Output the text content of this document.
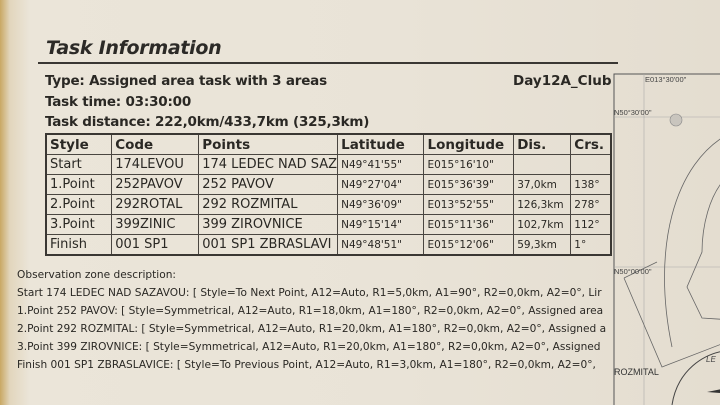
Task Information
Type: Assigned area task with 3 areas
Task time: 03:30:00
Task distance: 222,0km/433,7km (325,3km)
Day12A_Club
Style	Code	Points	Latitude	Longitude	Dis.	Crs.
Start	174LEVOU	174 LEDEC NAD SAZ	N49°41'55"	E015°16'10"		
1.Point	252PAVOV	252 PAVOV	N49°27'04"	E015°36'39"	37,0km	138°
2.Point	292ROTAL	292 ROZMITAL	N49°36'09"	E013°52'55"	126,3km	278°
3.Point	399ZINIC	399 ZIROVNICE	N49°15'14"	E015°11'36"	102,7km	112°
Finish	001 SP1	001 SP1 ZBRASLAVI	N49°48'51"	E015°12'06"	59,3km	1°
Observation zone description:
Start 174 LEDEC NAD SAZAVOU: [ Style=To Next Point, A12=Auto, R1=5,0km, A1=90°, R2=0,0km, A2=0°, Lir
1.Point 252 PAVOV: [ Style=Symmetrical, A12=Auto, R1=18,0km, A1=180°, R2=0,0km, A2=0°, Assigned area
2.Point 292 ROZMITAL: [ Style=Symmetrical, A12=Auto, R1=20,0km, A1=180°, R2=0,0km, A2=0°, Assigned a
3.Point 399 ZIROVNICE: [ Style=Symmetrical, A12=Auto, R1=20,0km, A1=180°, R2=0,0km, A2=0°, Assigned
Finish 001 SP1 ZBRASLAVICE: [ Style=To Previous Point, A12=Auto, R1=3,0km, A1=180°, R2=0,0km, A2=0°,
E013°30'00"
N50°30'00"
N50°00'00"
ROZMITAL
LE
